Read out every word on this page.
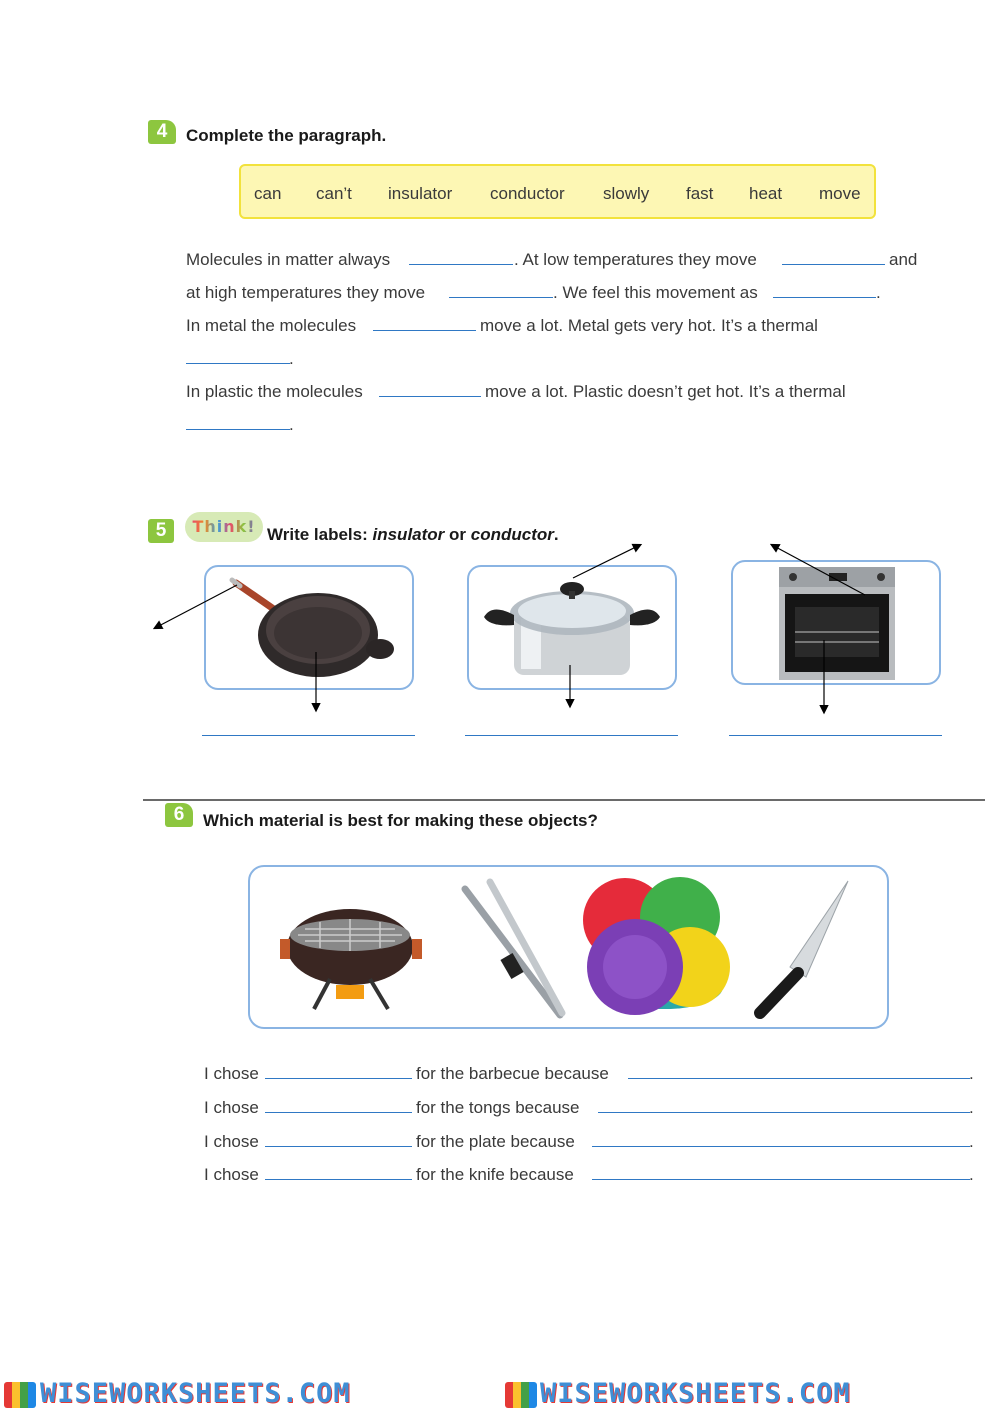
4	Complete the paragraph.
can can’t insulator conductor slowly fast heat move
Molecules in matter always	. At low temperatures they move	and
at high temperatures they move	. We feel this movement as	.
In metal the molecules	move a lot. Metal gets very hot. It’s a thermal
.
In plastic the molecules	move a lot. Plastic doesn’t get hot. It’s a thermal
.
5	Think! Write labels: insulator or conductor.
6	Which material is best for making these objects?
I chose	for the barbecue because	.
I chose	for the tongs because	.
I chose	for the plate because	.
I chose	for the knife because	.
WISEWORKSHEETS.COM	WISEWORKSHEETS.COM
